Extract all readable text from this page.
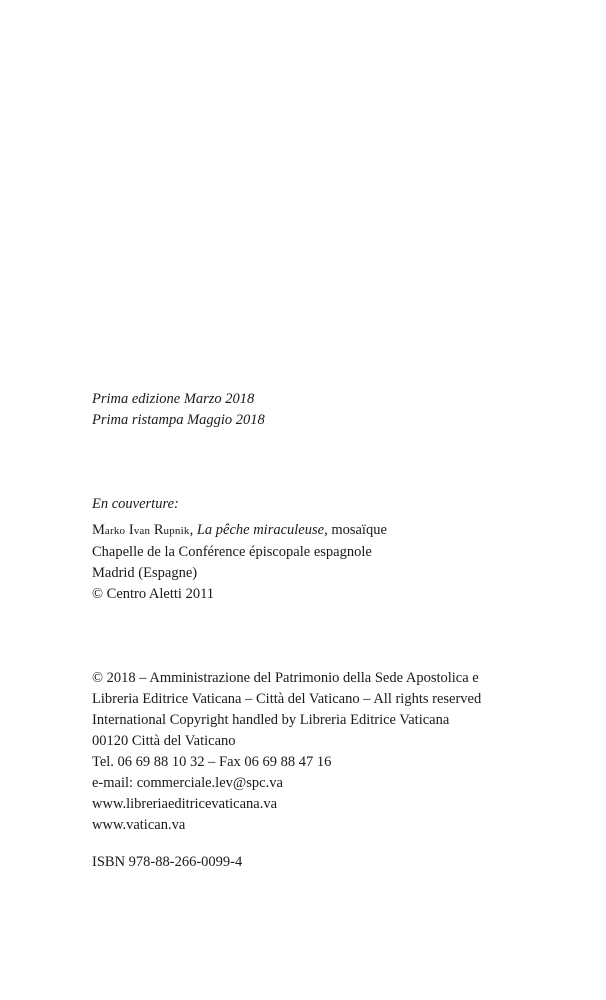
Prima edizione Marzo 2018
Prima ristampa Maggio 2018
En couverture:
Marko Ivan Rupnik, La pêche miraculeuse, mosaïque
Chapelle de la Conférence épiscopale espagnole
Madrid (Espagne)
© Centro Aletti 2011
© 2018 – Amministrazione del Patrimonio della Sede Apostolica e
Libreria Editrice Vaticana – Città del Vaticano – All rights reserved
International Copyright handled by Libreria Editrice Vaticana
00120 Città del Vaticano
Tel. 06 69 88 10 32 – Fax 06 69 88 47 16
e-mail: commerciale.lev@spc.va
www.libreriaeditricevaticana.va
www.vatican.va
ISBN 978-88-266-0099-4
